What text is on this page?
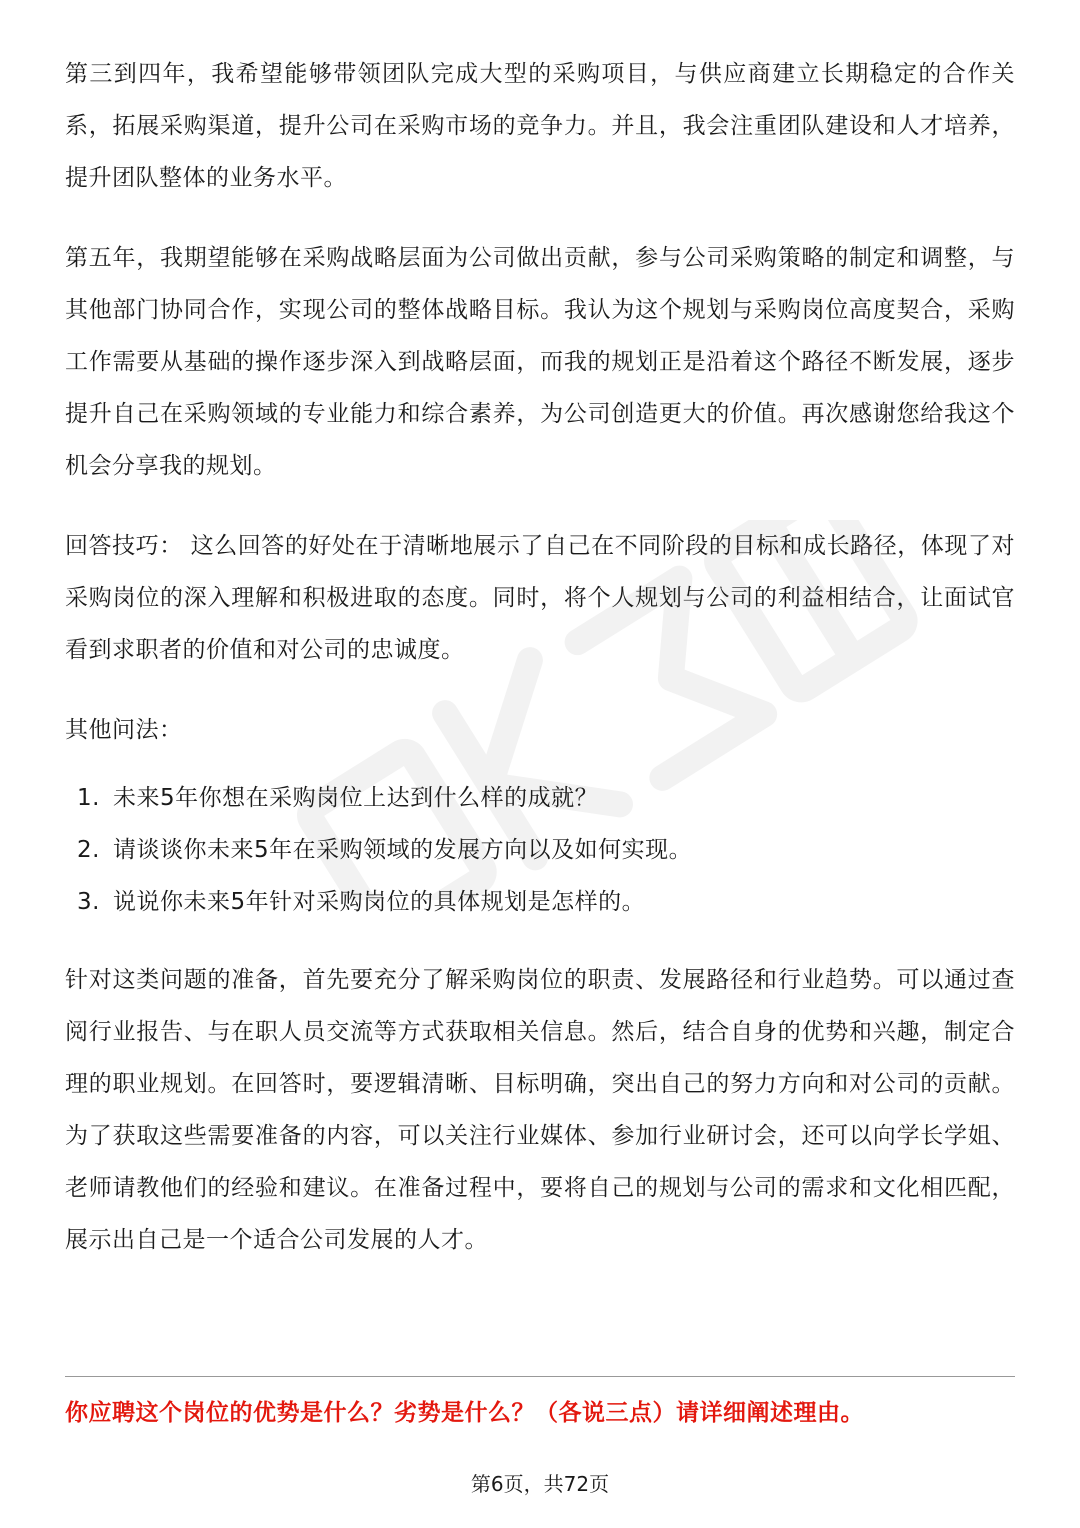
第三到四年，我希望能够带领团队完成大型的采购项目，与供应商建立长期稳定的合作关系，拓展采购渠道，提升公司在采购市场的竞争力。并且，我会注重团队建设和人才培养，提升团队整体的业务水平。

第五年，我期望能够在采购战略层面为公司做出贡献，参与公司采购策略的制定和调整，与其他部门协同合作，实现公司的整体战略目标。我认为这个规划与采购岗位高度契合，采购工作需要从基础的操作逐步深入到战略层面，而我的规划正是沿着这个路径不断发展，逐步提升自己在采购领域的专业能力和综合素养，为公司创造更大的价值。再次感谢您给我这个机会分享我的规划。

回答技巧： 这么回答的好处在于清晰地展示了自己在不同阶段的目标和成长路径，体现了对采购岗位的深入理解和积极进取的态度。同时，将个人规划与公司的利益相结合，让面试官看到求职者的价值和对公司的忠诚度。

其他问法：

1. 未来5年你想在采购岗位上达到什么样的成就？
2. 请谈谈你未来5年在采购领域的发展方向以及如何实现。
3. 说说你未来5年针对采购岗位的具体规划是怎样的。

针对这类问题的准备，首先要充分了解采购岗位的职责、发展路径和行业趋势。可以通过查阅行业报告、与在职人员交流等方式获取相关信息。然后，结合自身的优势和兴趣，制定合理的职业规划。在回答时，要逻辑清晰、目标明确，突出自己的努力方向和对公司的贡献。为了获取这些需要准备的内容，可以关注行业媒体、参加行业研讨会，还可以向学长学姐、老师请教他们的经验和建议。在准备过程中，要将自己的规划与公司的需求和文化相匹配，展示出自己是一个适合公司发展的人才。

你应聘这个岗位的优势是什么？劣势是什么？（各说三点）请详细阐述理由。
第6页，共72页
